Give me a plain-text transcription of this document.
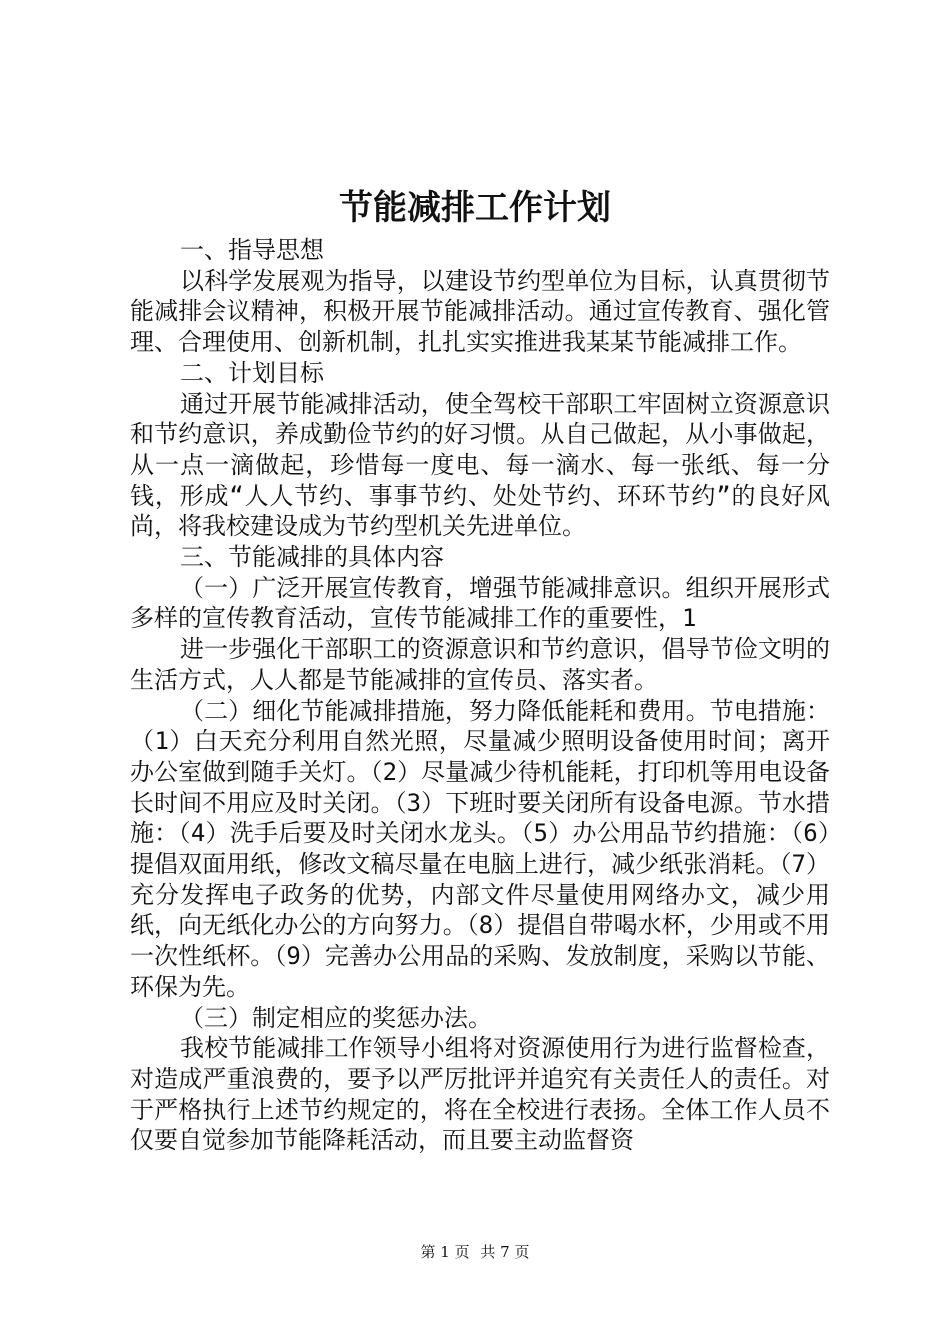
节能减排工作计划

一、指导思想

以科学发展观为指导，以建设节约型单位为目标，认真贯彻节能减排会议精神，积极开展节能减排活动。通过宣传教育、强化管理、合理使用、创新机制，扎扎实实推进我某某节能减排工作。

二、计划目标

通过开展节能减排活动，使全驾校干部职工牢固树立资源意识和节约意识，养成勤俭节约的好习惯。从自己做起，从小事做起，从一点一滴做起，珍惜每一度电、每一滴水、每一张纸、每一分钱，形成“人人节约、事事节约、处处节约、环环节约”的良好风尚，将我校建设成为节约型机关先进单位。

三、节能减排的具体内容

（一）广泛开展宣传教育，增强节能减排意识。组织开展形式多样的宣传教育活动，宣传节能减排工作的重要性，1

进一步强化干部职工的资源意识和节约意识，倡导节俭文明的生活方式，人人都是节能减排的宣传员、落实者。

（二）细化节能减排措施，努力降低能耗和费用。节电措施：（1）白天充分利用自然光照，尽量减少照明设备使用时间；离开办公室做到随手关灯。（2）尽量减少待机能耗，打印机等用电设备长时间不用应及时关闭。（3）下班时要关闭所有设备电源。节水措施：（4）洗手后要及时关闭水龙头。（5）办公用品节约措施：（6）提倡双面用纸，修改文稿尽量在电脑上进行，减少纸张消耗。（7）充分发挥电子政务的优势，内部文件尽量使用网络办文，减少用纸，向无纸化办公的方向努力。（8）提倡自带喝水杯，少用或不用一次性纸杯。（9）完善办公用品的采购、发放制度，采购以节能、环保为先。

（三）制定相应的奖惩办法。

我校节能减排工作领导小组将对资源使用行为进行监督检查，对造成严重浪费的，要予以严厉批评并追究有关责任人的责任。对于严格执行上述节约规定的，将在全校进行表扬。全体工作人员不仅要自觉参加节能降耗活动，而且要主动监督资

第 1 页 共 7 页
